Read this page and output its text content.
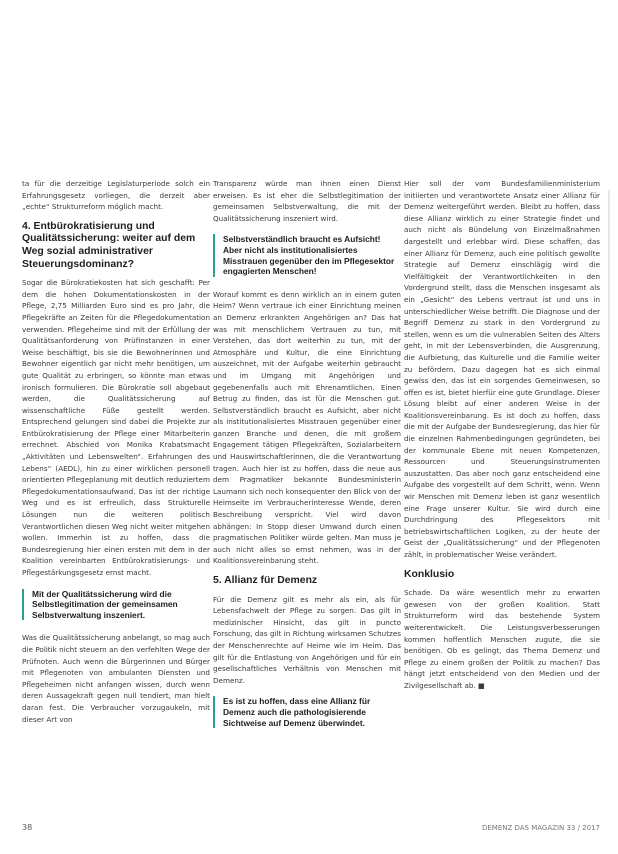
ta für die derzeitige Legislaturperiode solch ein Erfahrungsgesetz vorliegen, die derzeit aber „echte“ Strukturreform möglich macht.

4. Entbürokratisierung und Qualitätssicherung: weiter auf dem Weg sozial administrativer Steuerungsdominanz?

Sogar die Bürokratiekosten hat sich geschafft: Per dem die hohen Dokumentationskosten in der Pflege, 2,75 Milliarden Euro sind es pro Jahr, die Pflegekräfte an Zeiten für die Pflegedokumentation verwenden. Pflegeheime sind mit der Erfüllung der Qualitätsanforderung von Prüfinstanzen in einer Weise beschäftigt, bis sie die Bewohnerinnen und Bewohner eigentlich gar nicht mehr benötigen, um gute Qualität zu erbringen, so könnte man etwas ironisch formulieren. Die Bürokratie soll abgebaut werden, die Qualitätssicherung auf wissenschaftliche Füße gestellt werden. Entsprechend gelungen sind dabei die Projekte zur Entbürokratisierung der Pflege einer Mitarbeiterin errechnet. Abschied von Monika Krabatsmacht „Aktivitäten und Lebenswelten“. Erfahrungen des Lebens“ (AEDL), hin zu einer wirklichen personell orientierten Pflegeplanung mit deutlich reduziertem Pflegedokumentationsaufwand. Das ist der richtige Weg und es ist erfreulich, dass Strukturelle Lösungen nun die weiteren politisch Verantwortlichen diesen Weg nicht weiter mitgehen wollen. Immerhin ist zu hoffen, dass die Bundesregierung hier einen ersten mit dem in der Koalition vereinbarten Entbürokratisierungs- und Pflegestärkungsgesetz ernst macht.

Mit der Qualitätssicherung wird die Selbstlegitimation der gemeinsamen Selbstverwaltung inszeniert.

Was die Qualitätssicherung anbelangt, so mag auch die Politik nicht steuern an den verfehlten Wege der Prüfnoten. Auch wenn die Bürgerinnen und Bürger mit Pflegenoten von ambulanten Diensten und Pflegeheimen nicht anfangen wissen, durch wenn deren Aussagekraft gegen null tendiert, man hielt daran fest. Die Verbraucher vorzugaukeln, mit dieser Art von

Transparenz würde man ihnen einen Dienst erweisen. Es ist eher die Selbstlegitimation der gemeinsamen Selbstverwaltung, die mit der Qualitätssicherung inszeniert wird.

Selbstverständlich braucht es Aufsicht! Aber nicht als institutionalisiertes Misstrauen gegenüber den im Pflegesektor engagierten Menschen!

Worauf kommt es denn wirklich an in einem guten Heim? Wenn vertraue ich einer Einrichtung meinen an Demenz erkrankten Angehörigen an? Das hat was mit menschlichem Vertrauen zu tun, mit Verstehen, das dort weiterhin zu tun, mit der Atmosphäre und Kultur, die eine Einrichtung auszeichnet, mit der Aufgabe weiterhin gebraucht und im Umgang mit Angehörigen und gegebenenfalls auch mit Ehrenamtlichen. Einen Betrug zu finden, das ist für die Menschen gut. Selbstverständlich braucht es Aufsicht, aber nicht als institutionalisiertes Misstrauen gegenüber einer ganzen Branche und denen, die mit großem Engagement tätigen Pflegekräften, Sozialarbeitern und Hauswirtschaftlerinnen, die die Verantwortung tragen. Auch hier ist zu hoffen, dass die neue aus dem Pragmatiker bekannte Bundesministerin Laumann sich noch konsequenter den Blick von der Heimseite im Verbraucherinteresse Wende, deren Beschreibung verspricht. Viel wird davon abhängen: In Stopp dieser Umwand durch einen pragmatischen Politiker würde gelten. Man muss je auch nicht alles so ernst nehmen, was in der Koalitionsvereinbarung steht.

5. Allianz für Demenz

Für die Demenz gilt es mehr als ein, als für Lebensfachwelt der Pflege zu sorgen. Das gilt in medizinischer Hinsicht, das gilt in puncto Forschung, das gilt in Richtung wirksamen Schutzes der Menschenrechte auf Heime wie im Heim. Das gilt für die Entlastung von Angehörigen und für ein gesellschaftliches Verhältnis von Menschen mit Demenz.

Es ist zu hoffen, dass eine Allianz für Demenz auch die pathologisierende Sichtweise auf Demenz überwindet.

Hier soll der vom Bundesfamilienministerium initiierten und verantwortete Ansatz einer Allianz für Demenz weitergeführt werden. Bleibt zu hoffen, dass diese Allianz wirklich zu einer Strategie findet und auch nicht als Bündelung von Einzelmaßnahmen dargestellt und erlebbar wird. Diese schaffen, das einer Allianz für Demenz, auch eine politisch gewollte Strategie auf Demenz einschlägig wird die Vielfältigkeit der Verantwortlichkeiten in den Vordergrund stellt, dass die Menschen insgesamt als ein „Gesicht“ des Lebens vertraut ist und uns in unterschiedlicher Weise betrifft. Die Diagnose und der Begriff Demenz zu stark in den Vordergrund zu stellen, wenn es um die vulnerablen Seiten des Alters geht, in mit der Lebensverbinden, die Ausgrenzung, die Aufbietung, das Kulturelle und die Familie weiter zu befördern. Dazu dagegen hat es sich einmal gewiss den, das ist ein sorgendes Gemeinwesen, so offen es ist, bietet hierfür eine gute Grundlage. Dieser Lösung bleibt auf einer anderen Weise in der Koalitionsvereinbarung. Es ist doch zu hoffen, dass die mit der Aufgabe der Bundesregierung, das hier für die einzelnen Rahmenbedingungen gegründeten, bei der kommunale Ebene mit neuen Kompetenzen, Ressourcen und Steuerungsinstrumenten auszustatten. Das aber noch ganz entscheidend eine Aufgabe des vorgestellt auf dem Schritt, wenn. Wenn wir Menschen mit Demenz leben ist ganz wesentlich eine Frage unserer Kultur. Sie wird durch eine Durchdringung des Pflegesektors mit betriebswirtschaftlichen Logiken, zu der heute der Geist der „Qualitätssicherung“ und der Pflegenoten zählt, in problematischer Weise verändert.

Konklusio

Schade. Da wäre wesentlich mehr zu erwarten gewesen von der großen Koalition. Statt Strukturreform wird das bestehende System weiterentwickelt. Die Leistungsverbesserungen kommen hoffentlich Menschen zugute, die sie benötigen. Ob es gelingt, das Thema Demenz und Pflege zu einem großen der Politik zu machen? Das hängt jetzt entscheidend von den Medien und der Zivilgesellschaft ab. ■

38	DEMENZ DAS MAGAZIN 33 / 2017
